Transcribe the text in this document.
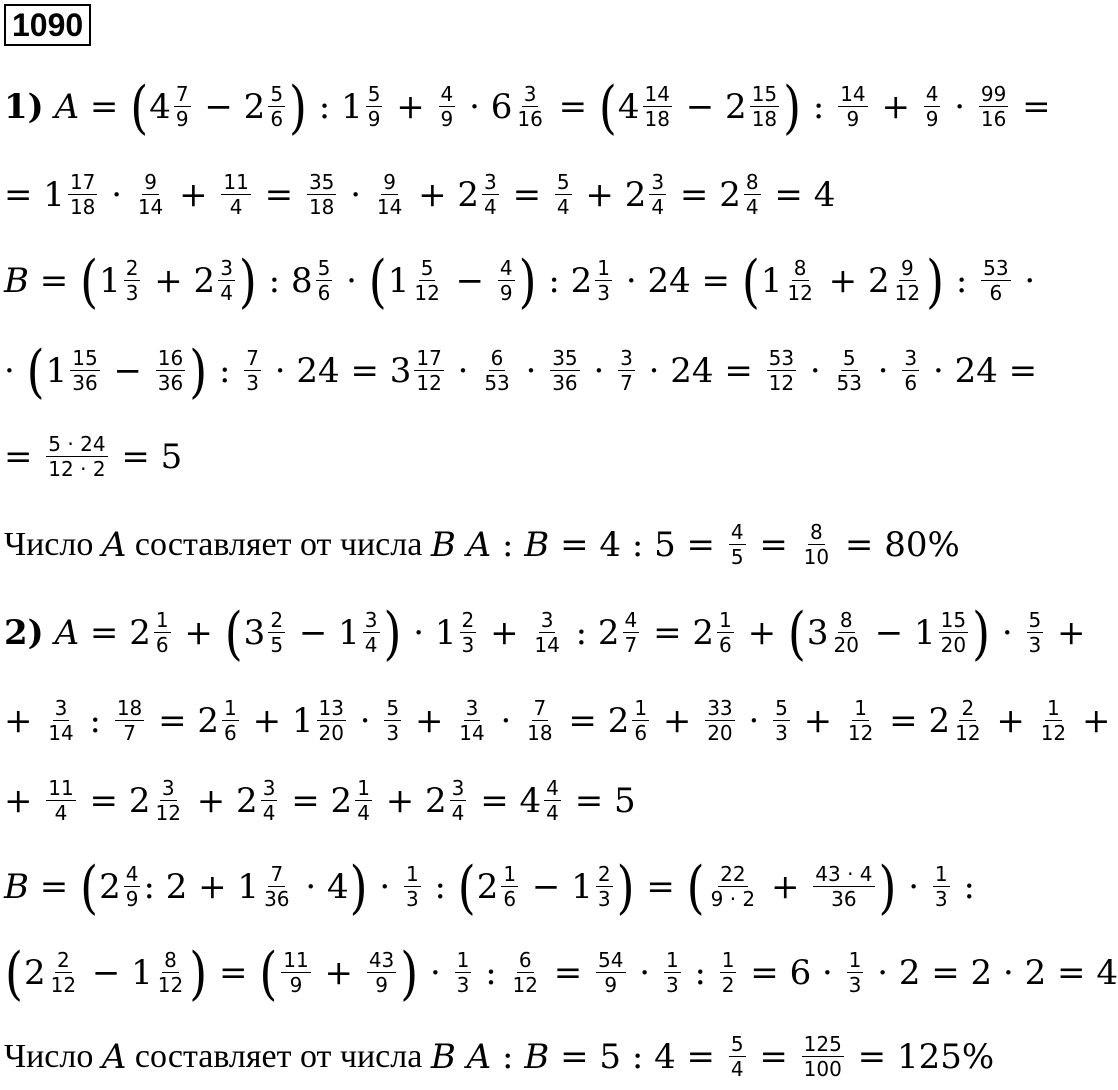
1090
1)
A = ( $4 \frac{7}{9} - 2 \frac{5}{6}$ ) : $1 \frac{5}{9} + \frac{4}{9} \cdot 6 \frac{3}{16}$ = ( $4 \frac{14}{18} - 2 \frac{15}{18}$ ) : $\frac{14}{9} + \frac{4}{9} \cdot \frac{99}{16}$ =
= $1 \frac{17}{18} \cdot \frac{9}{14} + \frac{11}{4} = \frac{35}{18} \cdot \frac{9}{14} + 2 \frac{3}{4} = \frac{5}{4} + 2 \frac{3}{4} = 2 \frac{8}{4} = 4$
B = ( $1 \frac{2}{3} + 2 \frac{3}{4}$ ) : $8 \frac{5}{6}$ · ( $1 \frac{5}{12} - \frac{4}{9}$ ) : $2 \frac{1}{3} \cdot 24$ = ( $1 \frac{8}{12} + 2 \frac{9}{12}$ ) : $\frac{53}{6}$ ·
· ( $1 \frac{15}{36} - \frac{16}{36}$ ) : $\frac{7}{3} \cdot 24 = 3 \frac{17}{12} \cdot \frac{6}{53} \cdot \frac{35}{36} \cdot \frac{3}{7} \cdot 24 = \frac{53}{12} \cdot \frac{5}{53} \cdot \frac{3}{6} \cdot 24$ =
= $\frac{5 \cdot 24}{12 \cdot 2} = 5$
Число A составляет от числа B
A : B = 4 : $5 = \frac{4}{5} = \frac{8}{10} = 80\%$
2)
$A = 2 \frac{1}{6}$ + ( $3 \frac{2}{5} - 1 \frac{3}{4}$ ) · $1 \frac{2}{3} + \frac{3}{14}$ : $2 \frac{4}{7} = 2 \frac{1}{6}$ + ( $3 \frac{8}{20} - 1 \frac{15}{20}$ ) · $\frac{5}{3}$ +
+ $\frac{3}{14}$ : $\frac{18}{7} = 2 \frac{1}{6} + 1 \frac{13}{20} \cdot \frac{5}{3} + \frac{3}{14} \cdot \frac{7}{18} = 2 \frac{1}{6} + \frac{33}{20} \cdot \frac{5}{3} + \frac{1}{12} = 2 \frac{2}{12} + \frac{1}{12}$ +
+ $\frac{11}{4} = 2 \frac{3}{12} + 2 \frac{3}{4} = 2 \frac{1}{4} + 2 \frac{3}{4} = 4 \frac{4}{4} = 5$
B = ( $2 \frac{4}{9}$ : $2 + 1 \frac{7}{36} \cdot 4$ ) · $\frac{1}{3}$ : ( $2 \frac{1}{6} - 1 \frac{2}{3}$ ) = ( $\frac{22}{9 \cdot 2} + \frac{43 \cdot 4}{36}$ ) · $\frac{1}{3}$ :
( $2 \frac{2}{12} - 1 \frac{8}{12}$ ) = ( $\frac{11}{9} + \frac{43}{9}$ ) · $\frac{1}{3}$ : $\frac{6}{12} = \frac{54}{9} \cdot \frac{1}{3}$ : $\frac{1}{2} = 6 \cdot \frac{1}{3} \cdot 2 = 2 \cdot 2 = 4$
Число A составляет от числа B
A : B = 5 : $4 = \frac{5}{4} = \frac{125}{100} = 125\%$
